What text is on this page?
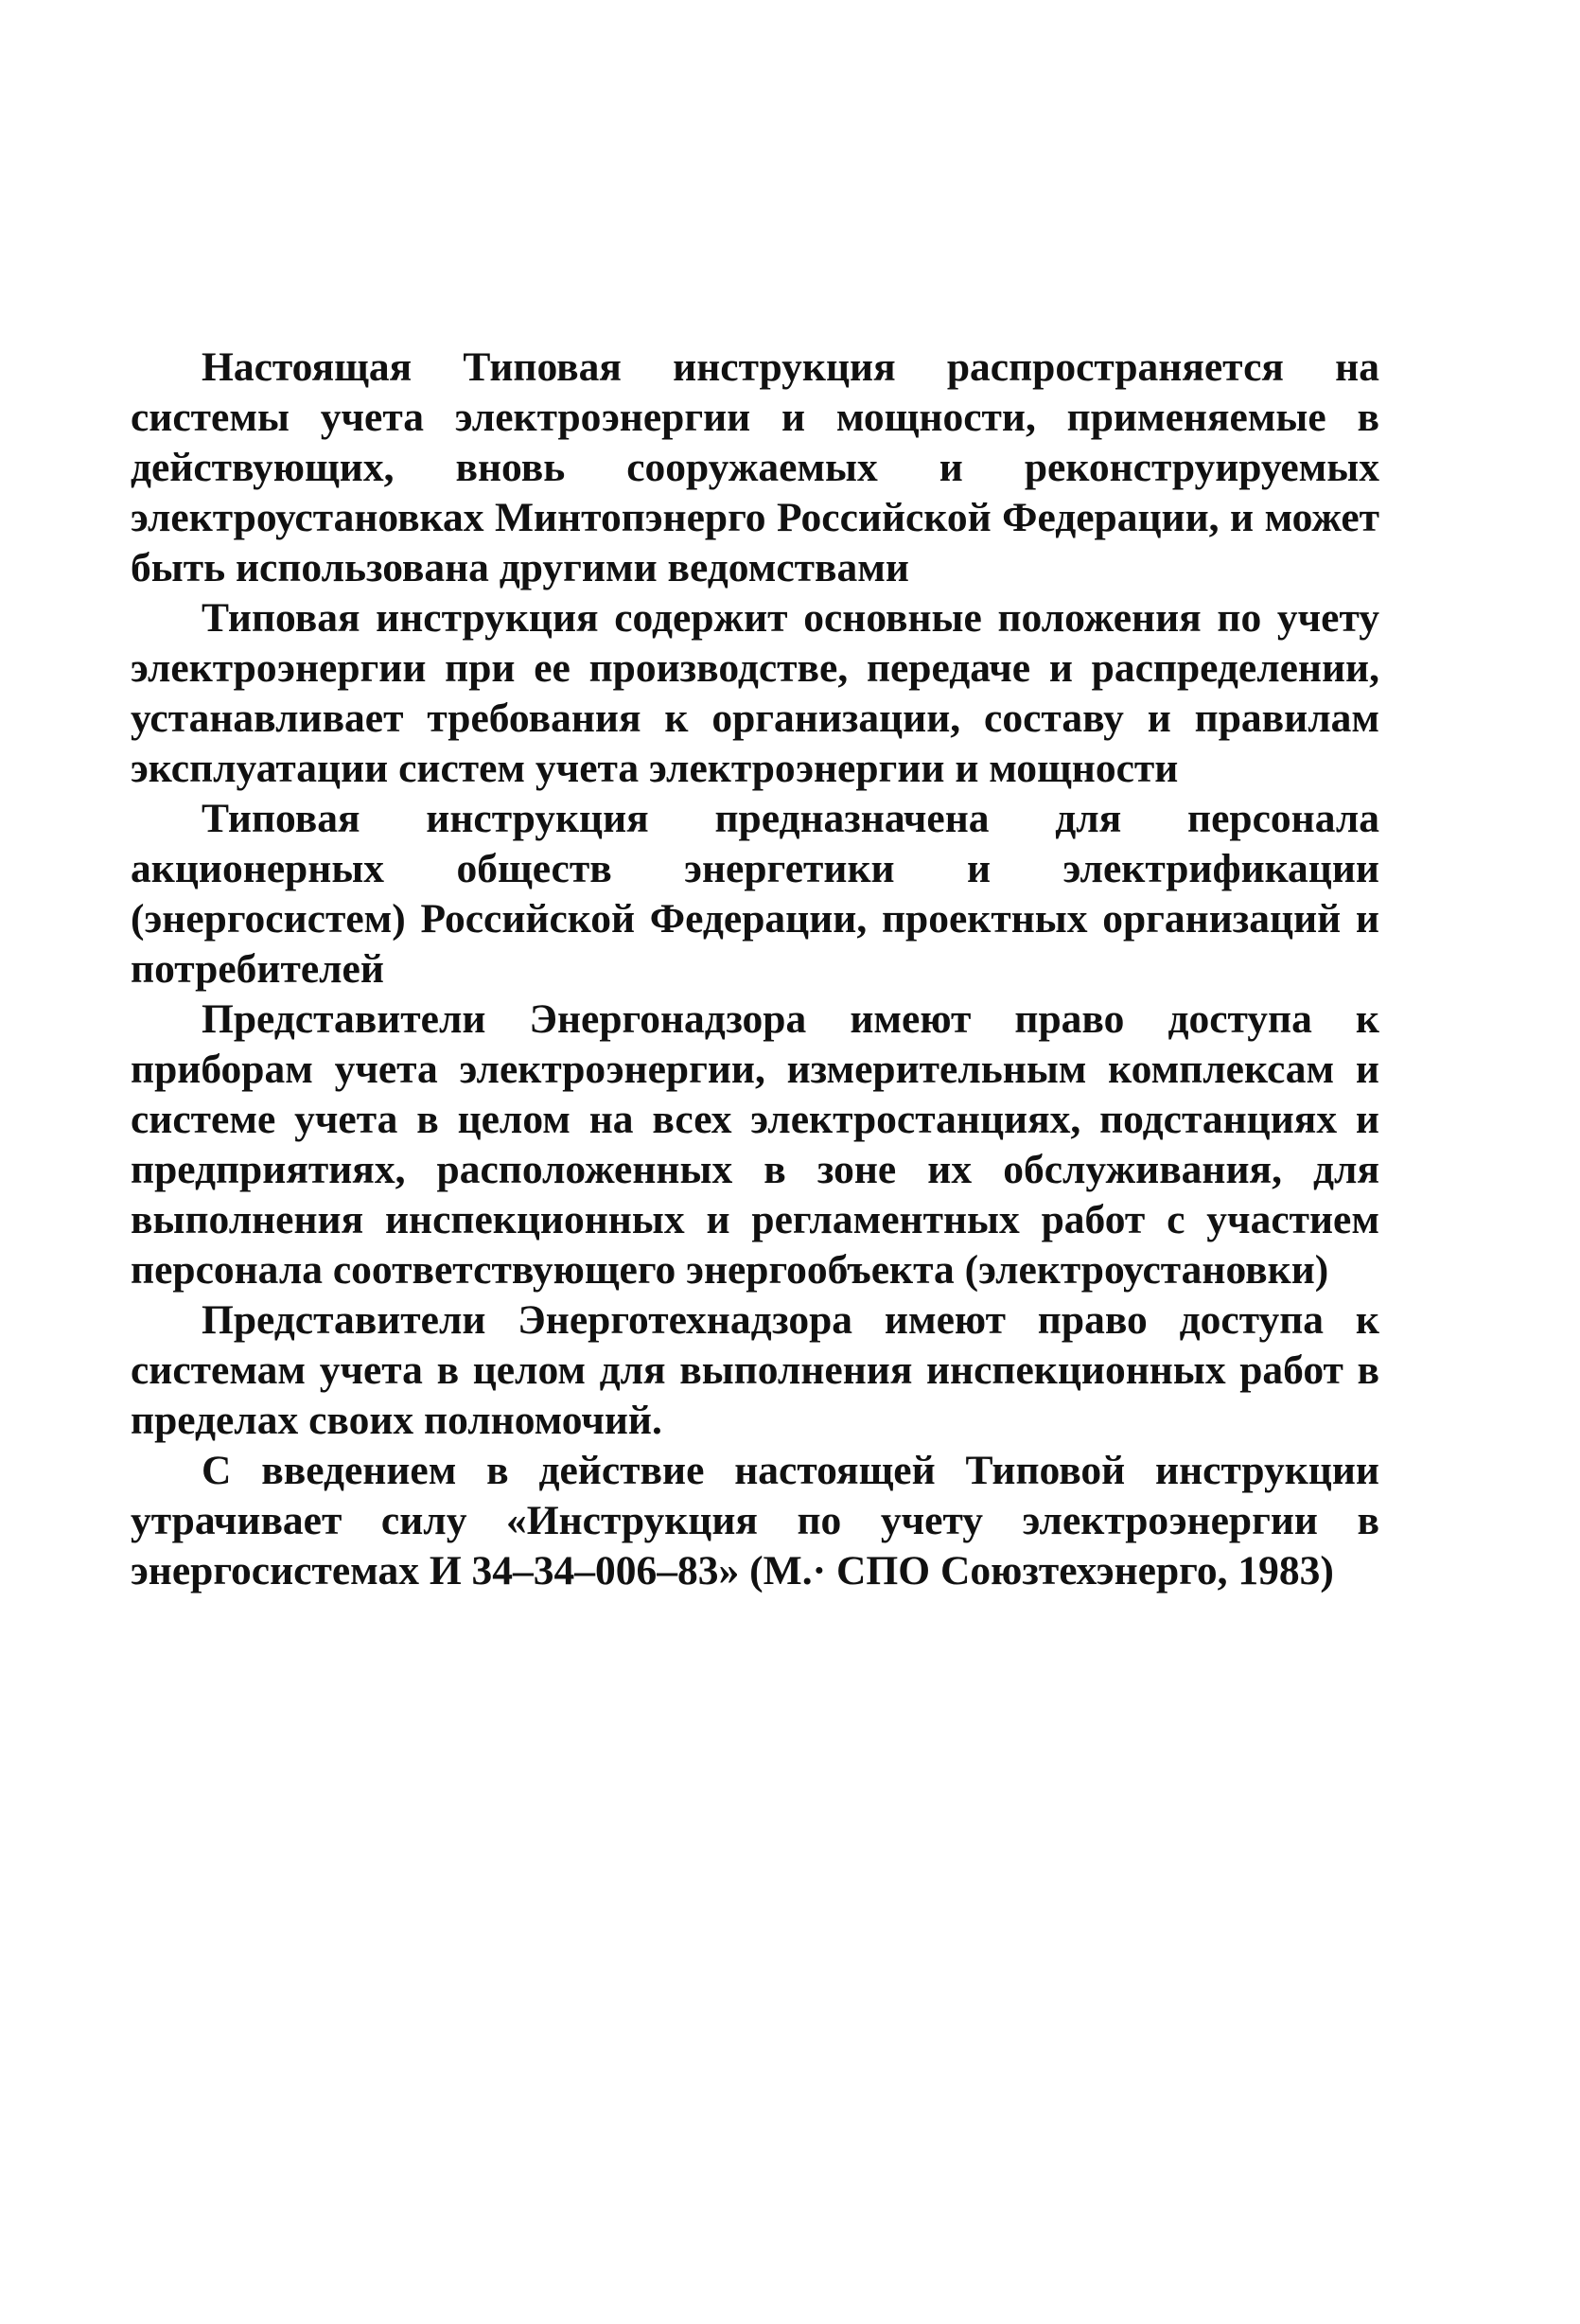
Настоящая Типовая инструкция распространяется на системы учета электроэнергии и мощности, применяемые в действующих, вновь сооружаемых и реконструируемых электроустановках Минтопэнерго Российской Федерации, и может быть использована другими ведомствами

Типовая инструкция содержит основные положения по учету электроэнергии при ее производстве, передаче и распределении, устанавливает требования к организации, составу и правилам эксплуатации систем учета электроэнергии и мощности

Типовая инструкция предназначена для персонала акционерных обществ энергетики и электрификации (энергосистем) Российской Федерации, проектных организаций и потребителей

Представители Энергонадзора имеют право доступа к приборам учета электроэнергии, измерительным комплексам и системе учета в целом на всех электростанциях, подстанциях и предприятиях, расположенных в зоне их обслуживания, для выполнения инспекционных и регламентных работ с участием персонала соответствующего энергообъекта (электроустановки)

Представители Энерготехнадзора имеют право доступа к системам учета в целом для выполнения инспекционных работ в пределах своих полномочий.

С введением в действие настоящей Типовой инструкции утрачивает силу «Инструкция по учету электроэнергии в энергосистемах И 34–34–006–83» (М.· СПО Союзтехэнерго, 1983)
